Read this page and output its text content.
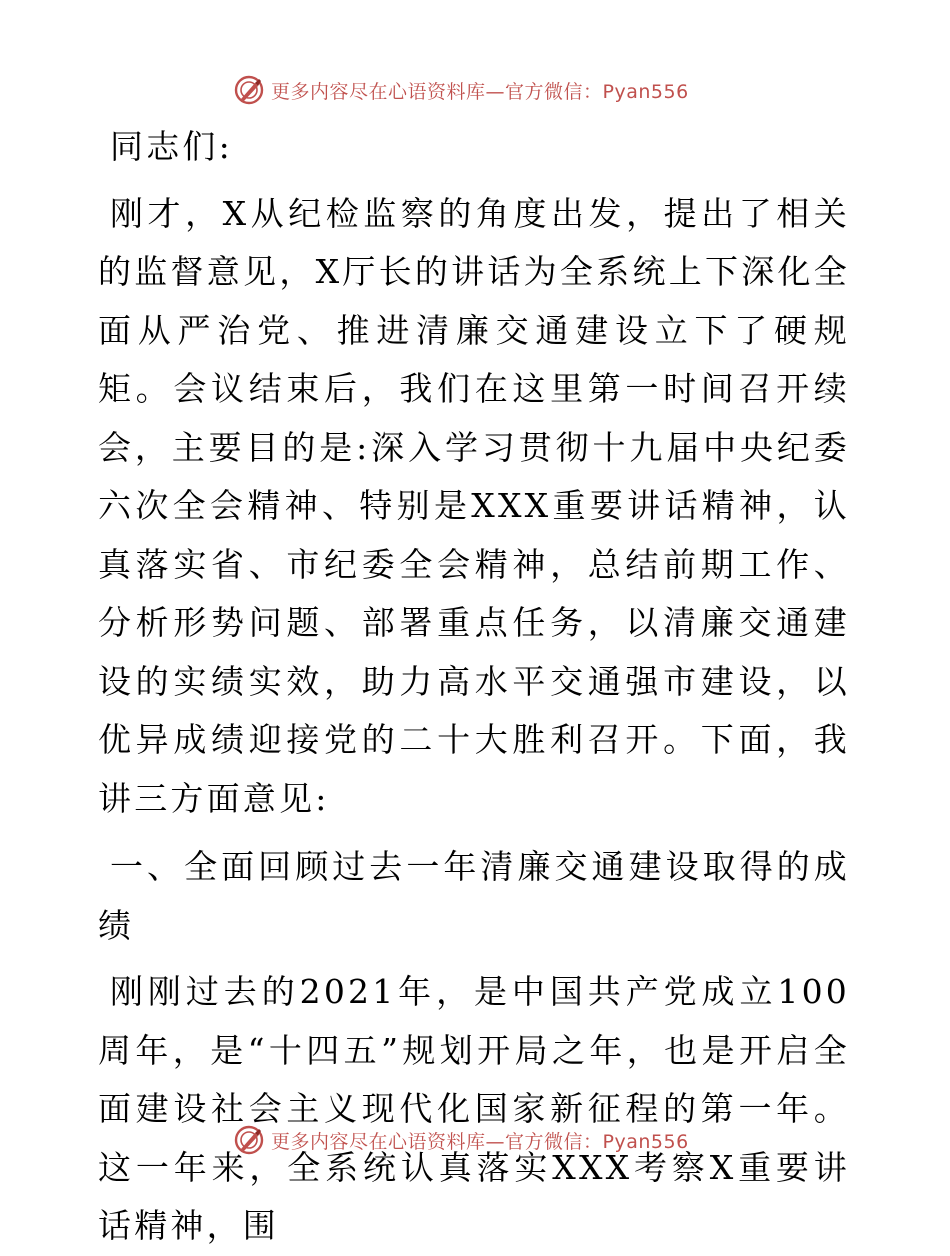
更多内容尽在心语资料库—官方微信：Pyan556

同志们:

刚才，X从纪检监察的角度出发，提出了相关的监督意见，X厅长的讲话为全系统上下深化全面从严治党、推进清廉交通建设立下了硬规矩。会议结束后，我们在这里第一时间召开续会，主要目的是:深入学习贯彻十九届中央纪委六次全会精神、特别是XXX重要讲话精神，认真落实省、市纪委全会精神，总结前期工作、分析形势问题、部署重点任务，以清廉交通建设的实绩实效，助力高水平交通强市建设，以优异成绩迎接党的二十大胜利召开。下面，我讲三方面意见:

一、全面回顾过去一年清廉交通建设取得的成绩

刚刚过去的2021年，是中国共产党成立100周年，是“十四五”规划开局之年，也是开启全面建设社会主义现代化国家新征程的第一年。这一年来，全系统认真落实XXX考察X重要讲话精神，围

更多内容尽在心语资料库—官方微信：Pyan556
